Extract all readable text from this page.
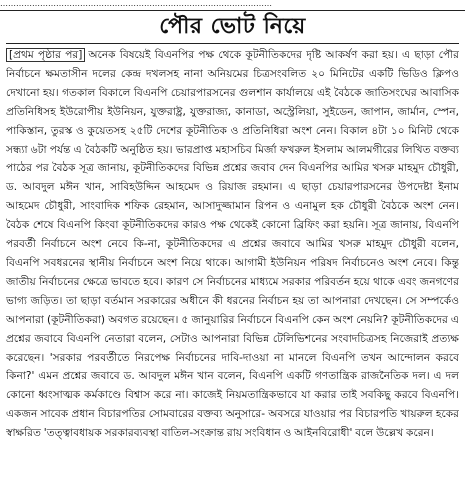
…………………………………………………………………………………………
পৌর ভোট নিয়ে

[প্রথম পৃষ্ঠার পর] অনেক বিষয়েই বিএনপির পক্ষ থেকে কূটনীতিকদের দৃষ্টি আকর্ষণ করা হয়। এ ছাড়া পৌর নির্বাচনে ক্ষমতাসীন দলের কেন্দ্র দখলসহ নানা অনিয়মের চিত্রসংবলিত ২০ মিনিটের একটি ভিডিও ক্লিপও দেখানো হয়। গতকাল বিকালে বিএনপি চেয়ারপারসনের গুলশান কার্যালয়ে এই বৈঠকে জাতিসংঘের আবাসিক প্রতিনিধিসহ ইউরোপীয় ইউনিয়ন, যুক্তরাষ্ট্র, যুক্তরাজ্য, কানাডা, অস্ট্রেলিয়া, সুইডেন, জাপান, জার্মান, স্পেন, পাকিস্তান, তুরস্ক ও কুয়েতসহ ২৫টি দেশের কূটনীতিক ও প্রতিনিধিরা অংশ নেন। বিকাল ৪টা ১০ মিনিট থেকে সন্ধ্যা ৬টা পর্যন্ত এ বৈঠকটি অনুষ্ঠিত হয়। ভারপ্রাপ্ত মহাসচিব মির্জা ফখরুল ইসলাম আলমগীরের লিখিত বক্তব্য পাঠের পর বৈঠক সূত্র জানায়, কূটনীতিকদের বিভিন্ন প্রশ্নের জবাব দেন বিএনপির আমির খসরু মাহমুদ চৌধুরী, ড. আবদুল মঈন খান, সাবিহউদ্দিন আহমেদ ও রিয়াজ রহমান। এ ছাড়া চেয়ারপারসনের উপদেষ্টা ইনাম আহমেদ চৌধুরী, সাংবাদিক শফিক রেহমান, আসাদুজ্জামান রিপন ও এনামুল হক চৌধুরী বৈঠকে অংশ নেন। বৈঠক শেষে বিএনপি কিংবা কূটনীতিকদের কারও পক্ষ থেকেই কোনো ব্রিফিং করা হয়নি। সূত্র জানায়, বিএনপি পরবর্তী নির্বাচনে অংশ নেবে কি-না, কূটনীতিকদের এ প্রশ্নের জবাবে আমির খসরু মাহমুদ চৌধুরী বলেন, বিএনপি সবধরনের স্থানীয় নির্বাচনে অংশ নিয়ে থাকে। আগামী ইউনিয়ন পরিষদ নির্বাচনেও অংশ নেবে। কিন্তু জাতীয় নির্বাচনের ক্ষেত্রে ভাবতে হবে। কারণ সে নির্বাচনের মাধ্যমে সরকার পরিবর্তন হয়ে থাকে এবং জনগণের ভাগ্য জড়িত। তা ছাড়া বর্তমান সরকারের অধীনে কী ধরনের নির্বাচন হয় তা আপনারা দেখছেন। সে সম্পর্কেও আপনারা (কূটনীতিকরা) অবগত রয়েছেন। ৫ জানুয়ারির নির্বাচনে বিএনপি কেন অংশ নেয়নি? কূটনীতিকদের এ প্রশ্নের জবাবে বিএনপি নেতারা বলেন, সেটাও আপনারা বিভিন্ন টেলিভিশনের সংবাদচিত্রসহ নিজেরাই প্রত্যক্ষ করেছেন। 'সরকার পরবর্তীতে নিরপেক্ষ নির্বাচনের দাবি-দাওয়া না মানলে বিএনপি তখন আন্দোলন করবে কিনা?' এমন প্রশ্নের জবাবে ড. আবদুল মঈন খান বলেন, বিএনপি একটি গণতান্ত্রিক রাজনৈতিক দল। এ দল কোনো ধ্বংসাত্মক কর্মকাণ্ডে বিশ্বাস করে না। কাজেই নিয়মতান্ত্রিকভাবে যা করার তাই সবকিছু করবে বিএনপি। একজন সাবেক প্রধান বিচারপতির সোমবারের বক্তব্য অনুসারে- অবসরে যাওয়ার পর বিচারপতি খায়রুল হকের স্বাক্ষরিত 'তত্ত্বাবধায়ক সরকারব্যবস্থা বাতিল-সংক্রান্ত রায় সংবিধান ও আইনবিরোধী' বলে উল্লেখ করেন।
